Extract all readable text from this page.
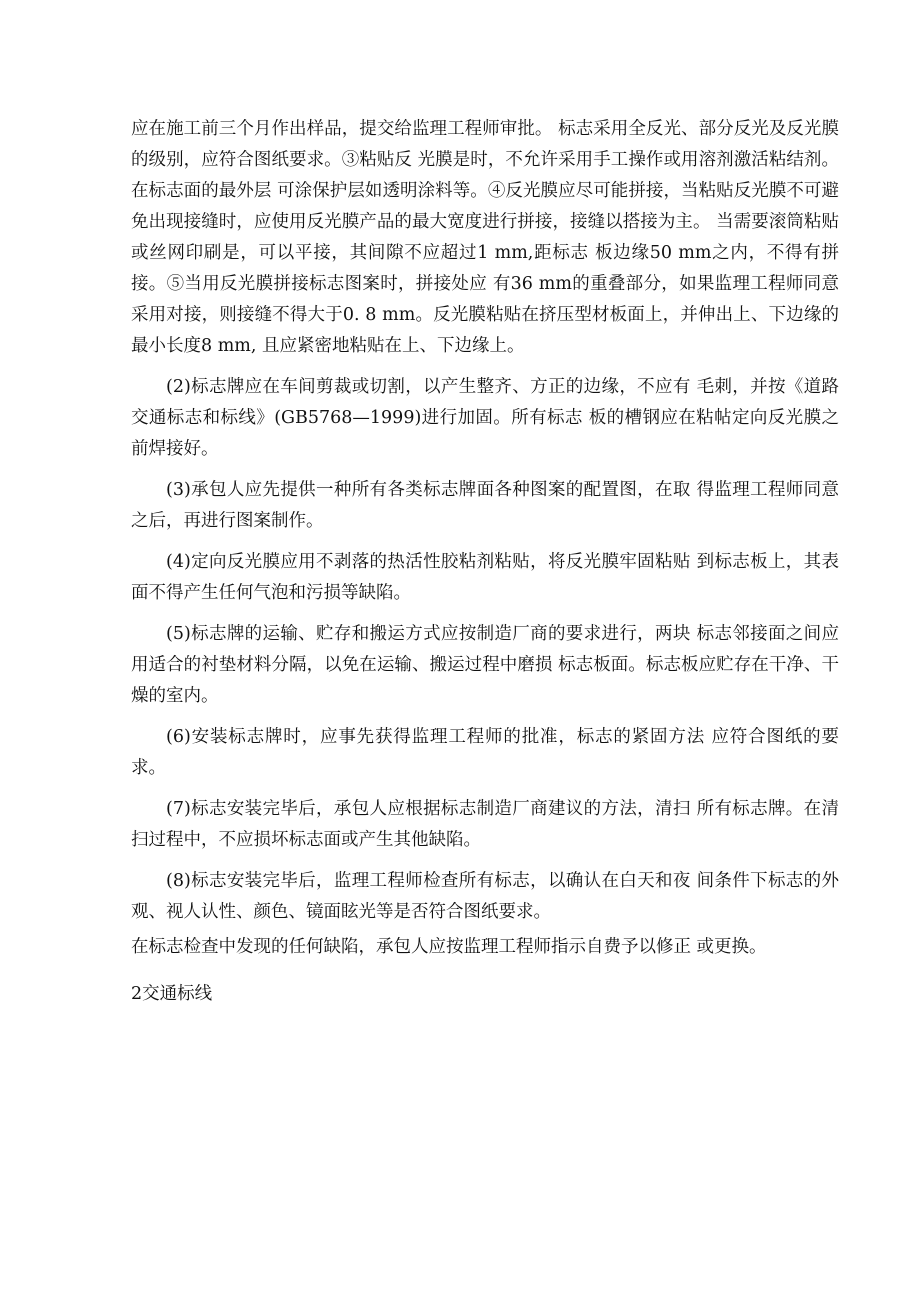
应在施工前三个月作出样品，提交给监理工程师审批。 标志采用全反光、部分反光及反光膜的级别，应符合图纸要求。③粘贴反 光膜是时，不允许采用手工操作或用溶剂激活粘结剂。在标志面的最外层 可涂保护层如透明涂料等。④反光膜应尽可能拼接，当粘贴反光膜不可避 免出现接缝时，应使用反光膜产品的最大宽度进行拼接，接缝以搭接为主。 当需要滚筒粘贴或丝网印刷是，可以平接，其间隙不应超过1 mm,距标志 板边缘50 mm之内，不得有拼接。⑤当用反光膜拼接标志图案时，拼接处应 有36 mm的重叠部分，如果监理工程师同意采用对接，则接缝不得大于0. 8 mm。反光膜粘贴在挤压型材板面上，并伸出上、下边缘的最小长度8 mm, 且应紧密地粘贴在上、下边缘上。

(2)标志牌应在车间剪裁或切割，以产生整齐、方正的边缘，不应有 毛刺，并按《道路交通标志和标线》(GB5768—1999)进行加固。所有标志 板的槽钢应在粘帖定向反光膜之前焊接好。

(3)承包人应先提供一种所有各类标志牌面各种图案的配置图，在取 得监理工程师同意之后，再进行图案制作。

(4)定向反光膜应用不剥落的热活性胶粘剂粘贴，将反光膜牢固粘贴 到标志板上，其表面不得产生任何气泡和污损等缺陷。

(5)标志牌的运输、贮存和搬运方式应按制造厂商的要求进行，两块 标志邻接面之间应用适合的衬垫材料分隔，以免在运输、搬运过程中磨损 标志板面。标志板应贮存在干净、干燥的室内。

(6)安装标志牌时，应事先获得监理工程师的批准，标志的紧固方法 应符合图纸的要求。

(7)标志安装完毕后，承包人应根据标志制造厂商建议的方法，清扫 所有标志牌。在清扫过程中，不应损坏标志面或产生其他缺陷。

(8)标志安装完毕后，监理工程师检查所有标志，以确认在白天和夜 间条件下标志的外观、视人认性、颜色、镜面眩光等是否符合图纸要求。

在标志检查中发现的任何缺陷，承包人应按监理工程师指示自费予以修正 或更换。

2交通标线
